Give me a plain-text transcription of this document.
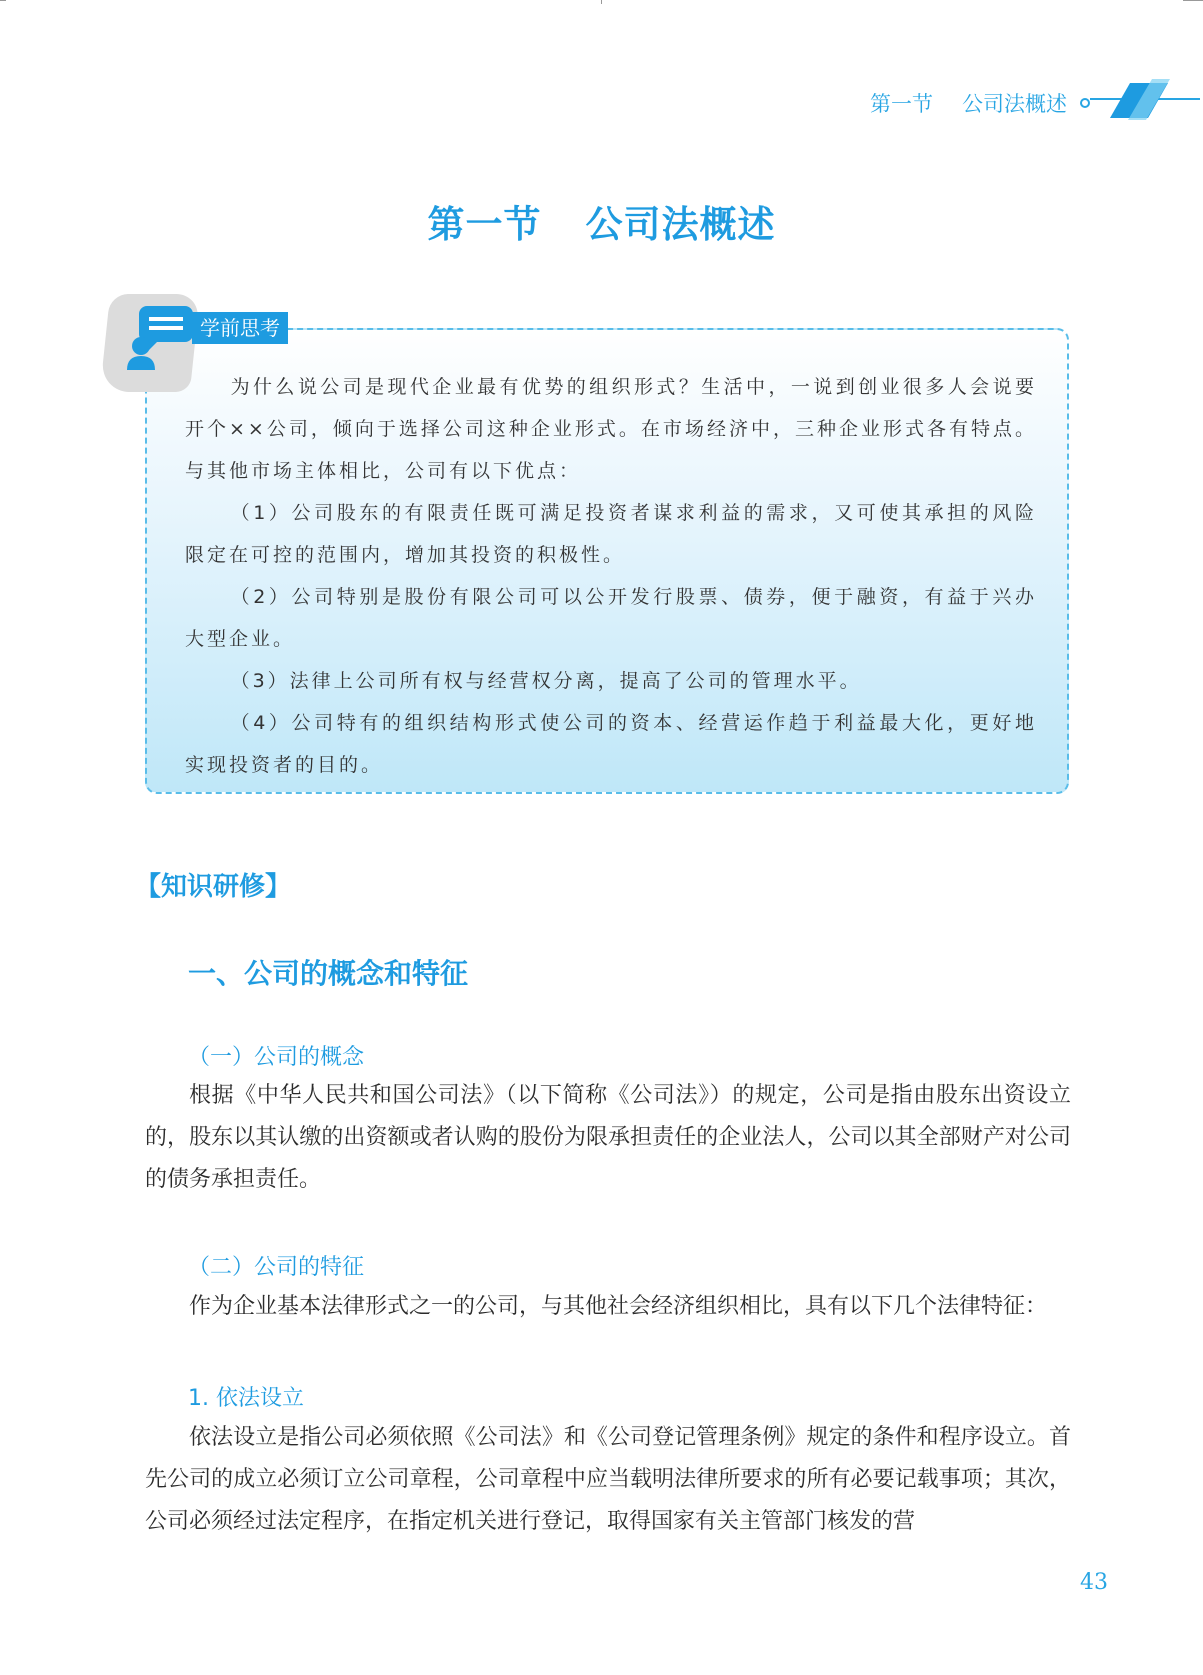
第一节 公司法概述
第一节 公司法概述
学前思考

为什么说公司是现代企业最有优势的组织形式？生活中，一说到创业很多人会说要开个××公司，倾向于选择公司这种企业形式。在市场经济中，三种企业形式各有特点。与其他市场主体相比，公司有以下优点：

（1）公司股东的有限责任既可满足投资者谋求利益的需求，又可使其承担的风险限定在可控的范围内，增加其投资的积极性。

（2）公司特别是股份有限公司可以公开发行股票、债券，便于融资，有益于兴办大型企业。

（3）法律上公司所有权与经营权分离，提高了公司的管理水平。

（4）公司特有的组织结构形式使公司的资本、经营运作趋于利益最大化，更好地实现投资者的目的。

【知识研修】
一、公司的概念和特征
（一）公司的概念

根据《中华人民共和国公司法》（以下简称《公司法》）的规定，公司是指由股东出资设立的，股东以其认缴的出资额或者认购的股份为限承担责任的企业法人，公司以其全部财产对公司的债务承担责任。

（二）公司的特征

作为企业基本法律形式之一的公司，与其他社会经济组织相比，具有以下几个法律特征：

1. 依法设立

依法设立是指公司必须依照《公司法》和《公司登记管理条例》规定的条件和程序设立。首先公司的成立必须订立公司章程，公司章程中应当载明法律所要求的所有必要记载事项；其次，公司必须经过法定程序，在指定机关进行登记，取得国家有关主管部门核发的营

43
